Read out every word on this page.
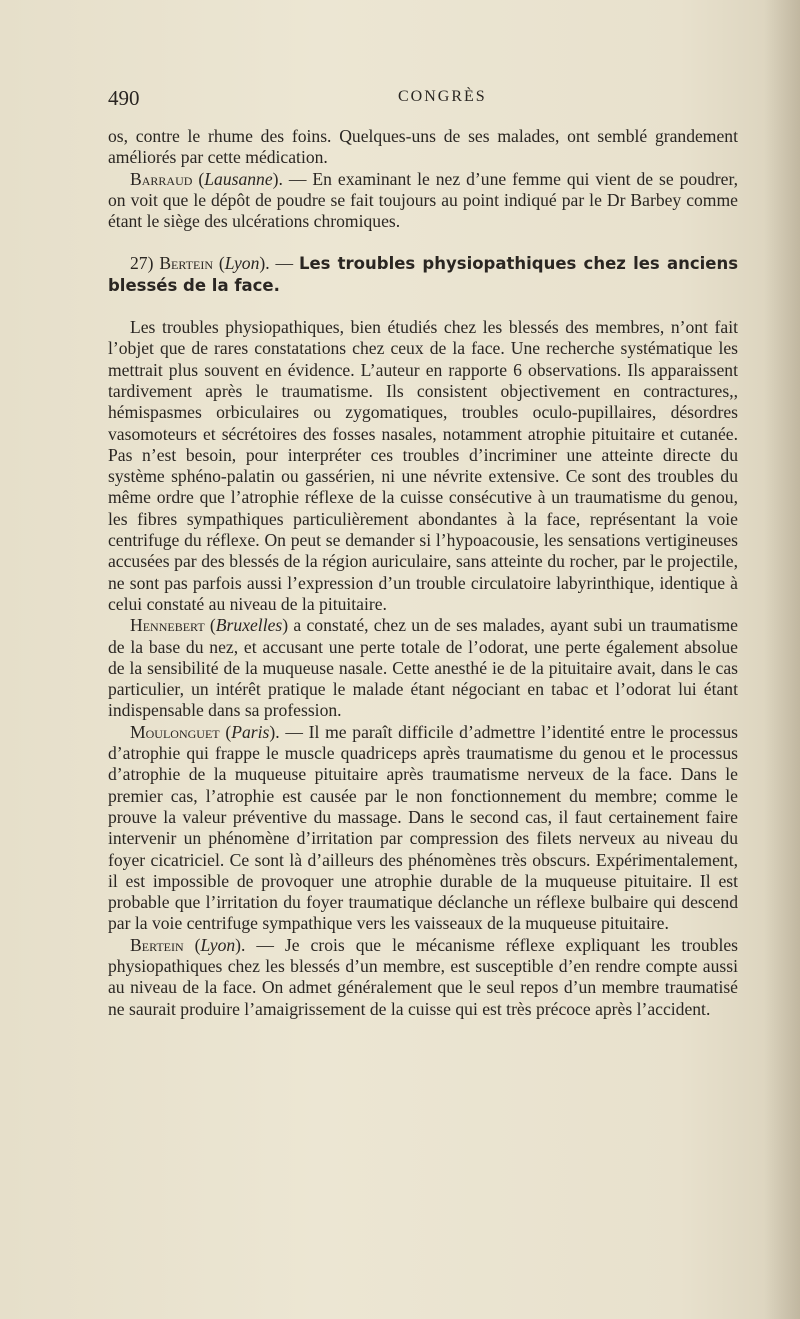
490	CONGRÈS

os, contre le rhume des foins. Quelques-uns de ses malades, ont semblé grandement améliorés par cette médication.

Barraud (Lausanne). — En examinant le nez d’une femme qui vient de se poudrer, on voit que le dépôt de poudre se fait toujours au point indiqué par le Dr Barbey comme étant le siège des ulcérations chromiques.

27) Bertein (Lyon). — Les troubles physiopathiques chez les anciens blessés de la face.

Les troubles physiopathiques, bien étudiés chez les blessés des membres, n’ont fait l’objet que de rares constatations chez ceux de la face. Une recherche systématique les mettrait plus souvent en évidence. L’auteur en rapporte 6 observations. Ils apparaissent tardivement après le traumatisme. Ils consistent objectivement en contractures,, hémispasmes orbiculaires ou zygomatiques, troubles oculo-pupillaires, désordres vasomoteurs et sécrétoires des fosses nasales, notamment atrophie pituitaire et cutanée. Pas n’est besoin, pour interpréter ces troubles d’incriminer une atteinte directe du système sphéno-palatin ou gassérien, ni une névrite extensive. Ce sont des troubles du même ordre que l’atrophie réflexe de la cuisse consécutive à un traumatisme du genou, les fibres sympathiques particulièrement abondantes à la face, représentant la voie centrifuge du réflexe. On peut se demander si l’hypoacousie, les sensations vertigineuses accusées par des blessés de la région auriculaire, sans atteinte du rocher, par le projectile, ne sont pas parfois aussi l’expression d’un trouble circulatoire labyrinthique, identique à celui constaté au niveau de la pituitaire.

Hennebert (Bruxelles) a constaté, chez un de ses malades, ayant subi un traumatisme de la base du nez, et accusant une perte totale de l’odorat, une perte également absolue de la sensibilité de la muqueuse nasale. Cette anesthé ie de la pituitaire avait, dans le cas particulier, un intérêt pratique le malade étant négociant en tabac et l’odorat lui étant indispensable dans sa profession.

Moulonguet (Paris). — Il me paraît difficile d’admettre l’identité entre le processus d’atrophie qui frappe le muscle quadriceps après traumatisme du genou et le processus d’atrophie de la muqueuse pituitaire après traumatisme nerveux de la face. Dans le premier cas, l’atrophie est causée par le non fonctionnement du membre; comme le prouve la valeur préventive du massage. Dans le second cas, il faut certainement faire intervenir un phénomène d’irritation par compression des filets nerveux au niveau du foyer cicatriciel. Ce sont là d’ailleurs des phénomènes très obscurs. Expérimentalement, il est impossible de provoquer une atrophie durable de la muqueuse pituitaire. Il est probable que l’irritation du foyer traumatique déclanche un réflexe bulbaire qui descend par la voie centrifuge sympathique vers les vaisseaux de la muqueuse pituitaire.

Bertein (Lyon). — Je crois que le mécanisme réflexe expliquant les troubles physiopathiques chez les blessés d’un membre, est susceptible d’en rendre compte aussi au niveau de la face. On admet généralement que le seul repos d’un membre traumatisé ne saurait produire l’amaigrissement de la cuisse qui est très précoce après l’accident.
